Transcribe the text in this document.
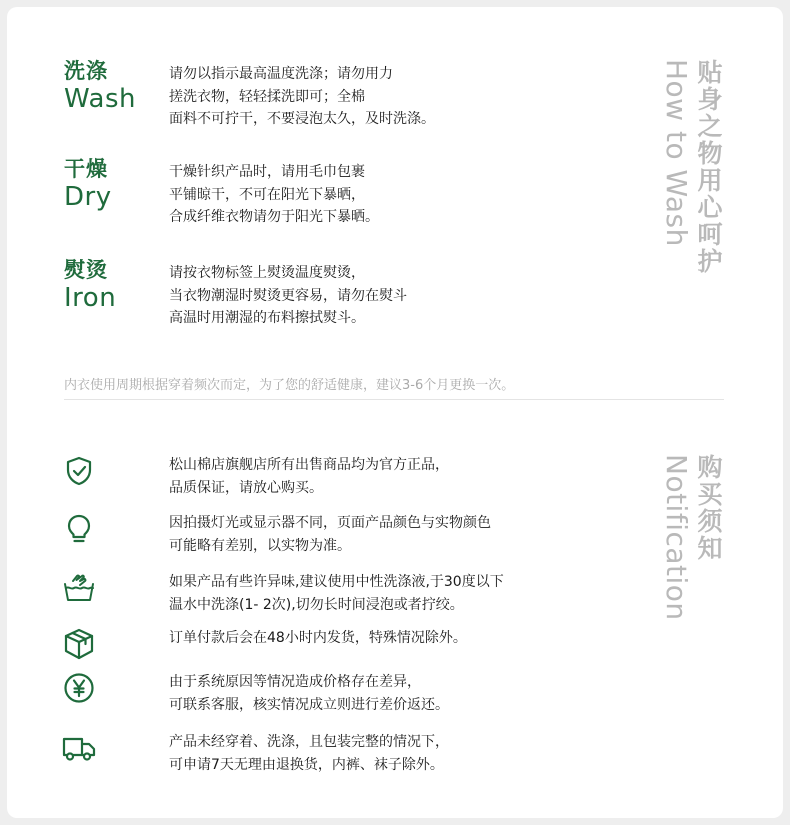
洗涤
Wash
请勿以指示最高温度洗涤；请勿用力
搓洗衣物，轻轻揉洗即可；全棉
面料不可拧干，不要浸泡太久，及时洗涤。
干燥
Dry
干燥针织产品时，请用毛巾包裹
平铺晾干，不可在阳光下暴晒，
合成纤维衣物请勿于阳光下暴晒。
熨烫
Iron
请按衣物标签上熨烫温度熨烫，
当衣物潮湿时熨烫更容易，请勿在熨斗
高温时用潮湿的布料擦拭熨斗。
How to Wash 贴身之物用心呵护
内衣使用周期根据穿着频次而定，为了您的舒适健康，建议3-6个月更换一次。
松山棉店旗舰店所有出售商品均为官方正品，
品质保证，请放心购买。
因拍摄灯光或显示器不同，页面产品颜色与实物颜色
可能略有差别，以实物为准。
如果产品有些许异味,建议使用中性洗涤液,于30度以下
温水中洗涤(1- 2次),切勿长时间浸泡或者拧绞。
订单付款后会在48小时内发货，特殊情况除外。
由于系统原因等情况造成价格存在差异，
可联系客服，核实情况成立则进行差价返还。
产品未经穿着、洗涤，且包装完整的情况下，
可申请7天无理由退换货，内裤、袜子除外。
Notification 购买须知
